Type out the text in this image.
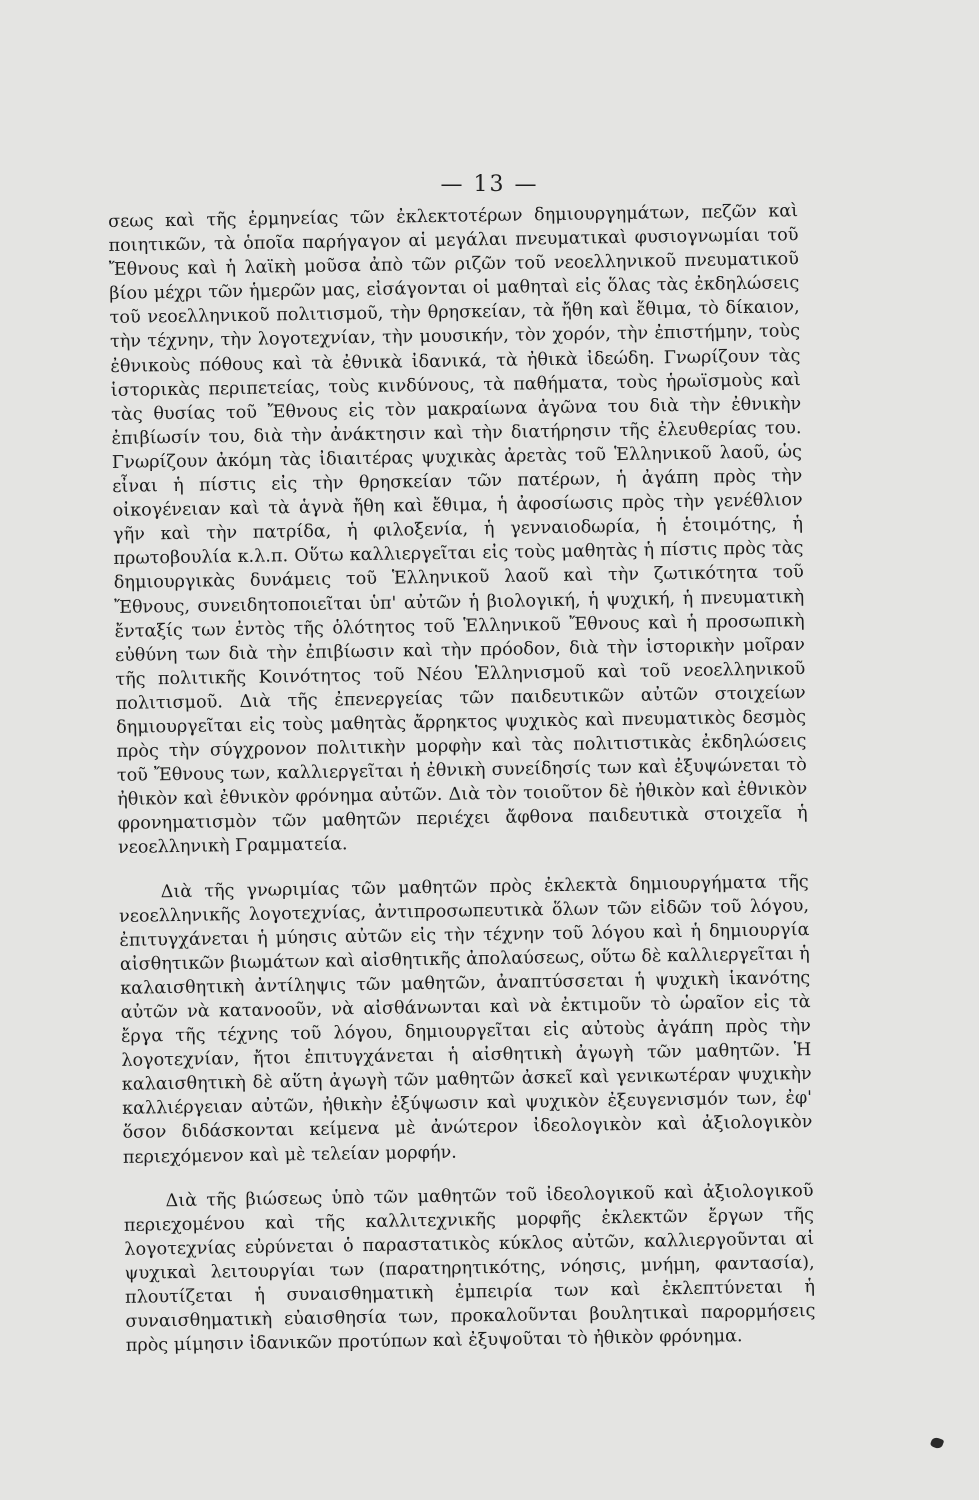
— 13 —

σεως καὶ τῆς ἑρμηνείας τῶν ἐκλεκτοτέρων δημιουργημάτων, πεζῶν καὶ ποιητικῶν, τὰ ὁποῖα παρήγαγον αἱ μεγάλαι πνευματικαὶ φυσιογνωμίαι τοῦ Ἔθνους καὶ ἡ λαϊκὴ μοῦσα ἀπὸ τῶν ριζῶν τοῦ νεοελληνικοῦ πνευματικοῦ βίου μέχρι τῶν ἡμερῶν μας, εἰσάγονται οἱ μαθηταὶ εἰς ὅλας τὰς ἐκδηλώσεις τοῦ νεοελληνικοῦ πολιτισμοῦ, τὴν θρησκείαν, τὰ ἤθη καὶ ἔθιμα, τὸ δίκαιον, τὴν τέχνην, τὴν λογοτεχνίαν, τὴν μουσικήν, τὸν χορόν, τὴν ἐπιστήμην, τοὺς ἐθνικοὺς πόθους καὶ τὰ ἐθνικὰ ἰδανικά, τὰ ἠθικὰ ἰδεώδη. Γνωρίζουν τὰς ἱστορικὰς περιπετείας, τοὺς κινδύνους, τὰ παθήματα, τοὺς ἡρωϊσμοὺς καὶ τὰς θυσίας τοῦ Ἔθνους εἰς τὸν μακραίωνα ἀγῶνα του διὰ τὴν ἐθνικὴν ἐπιβίωσίν του, διὰ τὴν ἀνάκτησιν καὶ τὴν διατήρησιν τῆς ἐλευθερίας του. Γνωρίζουν ἀκόμη τὰς ἰδιαιτέρας ψυχικὰς ἀρετὰς τοῦ Ἑλληνικοῦ λαοῦ, ὡς εἶναι ἡ πίστις εἰς τὴν θρησκείαν τῶν πατέρων, ἡ ἀγάπη πρὸς τὴν οἰκογένειαν καὶ τὰ ἁγνὰ ἤθη καὶ ἔθιμα, ἡ ἀφοσίωσις πρὸς τὴν γενέθλιον γῆν καὶ τὴν πατρίδα, ἡ φιλοξενία, ἡ γενναιοδωρία, ἡ ἑτοιμότης, ἡ πρωτοβουλία κ.λ.π. Οὕτω καλλιεργεῖται εἰς τοὺς μαθητὰς ἡ πίστις πρὸς τὰς δημιουργικὰς δυνάμεις τοῦ Ἑλληνικοῦ λαοῦ καὶ τὴν ζωτικότητα τοῦ Ἔθνους, συνειδητοποιεῖται ὑπ' αὐτῶν ἡ βιολογική, ἡ ψυχική, ἡ πνευματικὴ ἔνταξίς των ἐντὸς τῆς ὁλότητος τοῦ Ἑλληνικοῦ Ἔθνους καὶ ἡ προσωπικὴ εὐθύνη των διὰ τὴν ἐπιβίωσιν καὶ τὴν πρόοδον, διὰ τὴν ἱστορικὴν μοῖραν τῆς πολιτικῆς Κοινότητος τοῦ Νέου Ἑλληνισμοῦ καὶ τοῦ νεοελληνικοῦ πολιτισμοῦ. Διὰ τῆς ἐπενεργείας τῶν παιδευτικῶν αὐτῶν στοιχείων δημιουργεῖται εἰς τοὺς μαθητὰς ἄρρηκτος ψυχικὸς καὶ πνευματικὸς δεσμὸς πρὸς τὴν σύγχρονον πολιτικὴν μορφὴν καὶ τὰς πολιτιστικὰς ἐκδηλώσεις τοῦ Ἔθνους των, καλλιεργεῖται ἡ ἐθνικὴ συνείδησίς των καὶ ἐξυψώνεται τὸ ἠθικὸν καὶ ἐθνικὸν φρόνημα αὐτῶν. Διὰ τὸν τοιοῦτον δὲ ἠθικὸν καὶ ἐθνικὸν φρονηματισμὸν τῶν μαθητῶν περιέχει ἄφθονα παιδευτικὰ στοιχεῖα ἡ νεοελληνικὴ Γραμματεία.

Διὰ τῆς γνωριμίας τῶν μαθητῶν πρὸς ἐκλεκτὰ δημιουργήματα τῆς νεοελληνικῆς λογοτεχνίας, ἀντιπροσωπευτικὰ ὅλων τῶν εἰδῶν τοῦ λόγου, ἐπιτυγχάνεται ἡ μύησις αὐτῶν εἰς τὴν τέχνην τοῦ λόγου καὶ ἡ δημιουργία αἰσθητικῶν βιωμάτων καὶ αἰσθητικῆς ἀπολαύσεως, οὕτω δὲ καλλιεργεῖται ἡ καλαισθητικὴ ἀντίληψις τῶν μαθητῶν, ἀναπτύσσεται ἡ ψυχικὴ ἱκανότης αὐτῶν νὰ κατανοοῦν, νὰ αἰσθάνωνται καὶ νὰ ἐκτιμοῦν τὸ ὡραῖον εἰς τὰ ἔργα τῆς τέχνης τοῦ λόγου, δημιουργεῖται εἰς αὐτοὺς ἀγάπη πρὸς τὴν λογοτεχνίαν, ἤτοι ἐπιτυγχάνεται ἡ αἰσθητικὴ ἀγωγὴ τῶν μαθητῶν. Ἡ καλαισθητικὴ δὲ αὕτη ἀγωγὴ τῶν μαθητῶν ἀσκεῖ καὶ γενικωτέραν ψυχικὴν καλλιέργειαν αὐτῶν, ἠθικὴν ἐξύψωσιν καὶ ψυχικὸν ἐξευγενισμόν των, ἐφ' ὅσον διδάσκονται κείμενα μὲ ἀνώτερον ἰδεολογικὸν καὶ ἀξιολογικὸν περιεχόμενον καὶ μὲ τελείαν μορφήν.

Διὰ τῆς βιώσεως ὑπὸ τῶν μαθητῶν τοῦ ἰδεολογικοῦ καὶ ἀξιολογικοῦ περιεχομένου καὶ τῆς καλλιτεχνικῆς μορφῆς ἐκλεκτῶν ἔργων τῆς λογοτεχνίας εὐρύνεται ὁ παραστατικὸς κύκλος αὐτῶν, καλλιεργοῦνται αἱ ψυχικαὶ λειτουργίαι των (παρατηρητικότης, νόησις, μνήμη, φαντασία), πλουτίζεται ἡ συναισθηματικὴ ἐμπειρία των καὶ ἐκλεπτύνεται ἡ συναισθηματικὴ εὐαισθησία των, προκαλοῦνται βουλητικαὶ παρορμήσεις πρὸς μίμησιν ἰδανικῶν προτύπων καὶ ἐξυψοῦται τὸ ἠθικὸν φρόνημα.
